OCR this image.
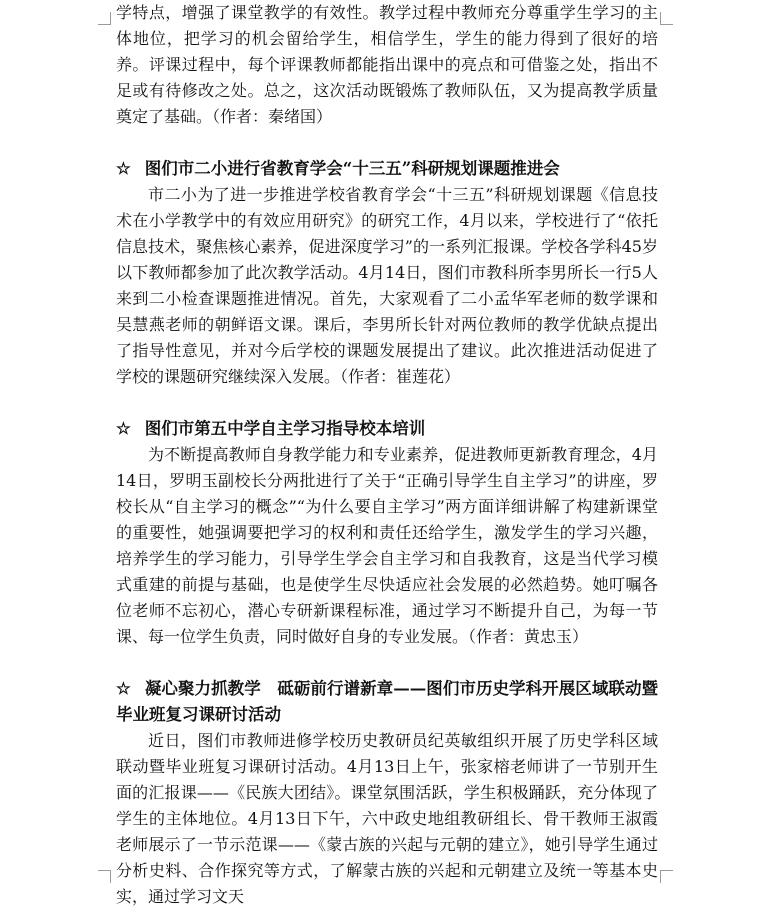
学特点，增强了课堂教学的有效性。教学过程中教师充分尊重学生学习的主体地位，把学习的机会留给学生，相信学生，学生的能力得到了很好的培养。评课过程中，每个评课教师都能指出课中的亮点和可借鉴之处，指出不足或有待修改之处。总之，这次活动既锻炼了教师队伍，又为提高教学质量奠定了基础。（作者：秦绪国）

☆ 图们市二小进行省教育学会“十三五”科研规划课题推进会

市二小为了进一步推进学校省教育学会“十三五”科研规划课题《信息技术在小学教学中的有效应用研究》的研究工作，4月以来，学校进行了“依托信息技术，聚焦核心素养，促进深度学习”的一系列汇报课。学校各学科45岁以下教师都参加了此次教学活动。4月14日，图们市教科所李男所长一行5人来到二小检查课题推进情况。首先，大家观看了二小孟华军老师的数学课和吴慧燕老师的朝鲜语文课。课后，李男所长针对两位教师的教学优缺点提出了指导性意见，并对今后学校的课题发展提出了建议。此次推进活动促进了学校的课题研究继续深入发展。（作者：崔莲花）

☆ 图们市第五中学自主学习指导校本培训

为不断提高教师自身教学能力和专业素养，促进教师更新教育理念，4月14日，罗明玉副校长分两批进行了关于“正确引导学生自主学习”的讲座，罗校长从“自主学习的概念”“为什么要自主学习”两方面详细讲解了构建新课堂的重要性，她强调要把学习的权利和责任还给学生，激发学生的学习兴趣，培养学生的学习能力，引导学生学会自主学习和自我教育，这是当代学习模式重建的前提与基础，也是使学生尽快适应社会发展的必然趋势。她叮嘱各位老师不忘初心，潜心专研新课程标准，通过学习不断提升自己，为每一节课、每一位学生负责，同时做好自身的专业发展。（作者：黄忠玉）

☆ 凝心聚力抓教学　砥砺前行谱新章——图们市历史学科开展区域联动暨毕业班复习课研讨活动

近日，图们市教师进修学校历史教研员纪英敏组织开展了历史学科区域联动暨毕业班复习课研讨活动。4月13日上午，张家榕老师讲了一节别开生面的汇报课——《民族大团结》。课堂氛围活跃，学生积极踊跃，充分体现了学生的主体地位。4月13日下午，六中政史地组教研组长、骨干教师王淑霞老师展示了一节示范课——《蒙古族的兴起与元朝的建立》，她引导学生通过分析史料、合作探究等方式，了解蒙古族的兴起和元朝建立及统一等基本史实，通过学习文天
